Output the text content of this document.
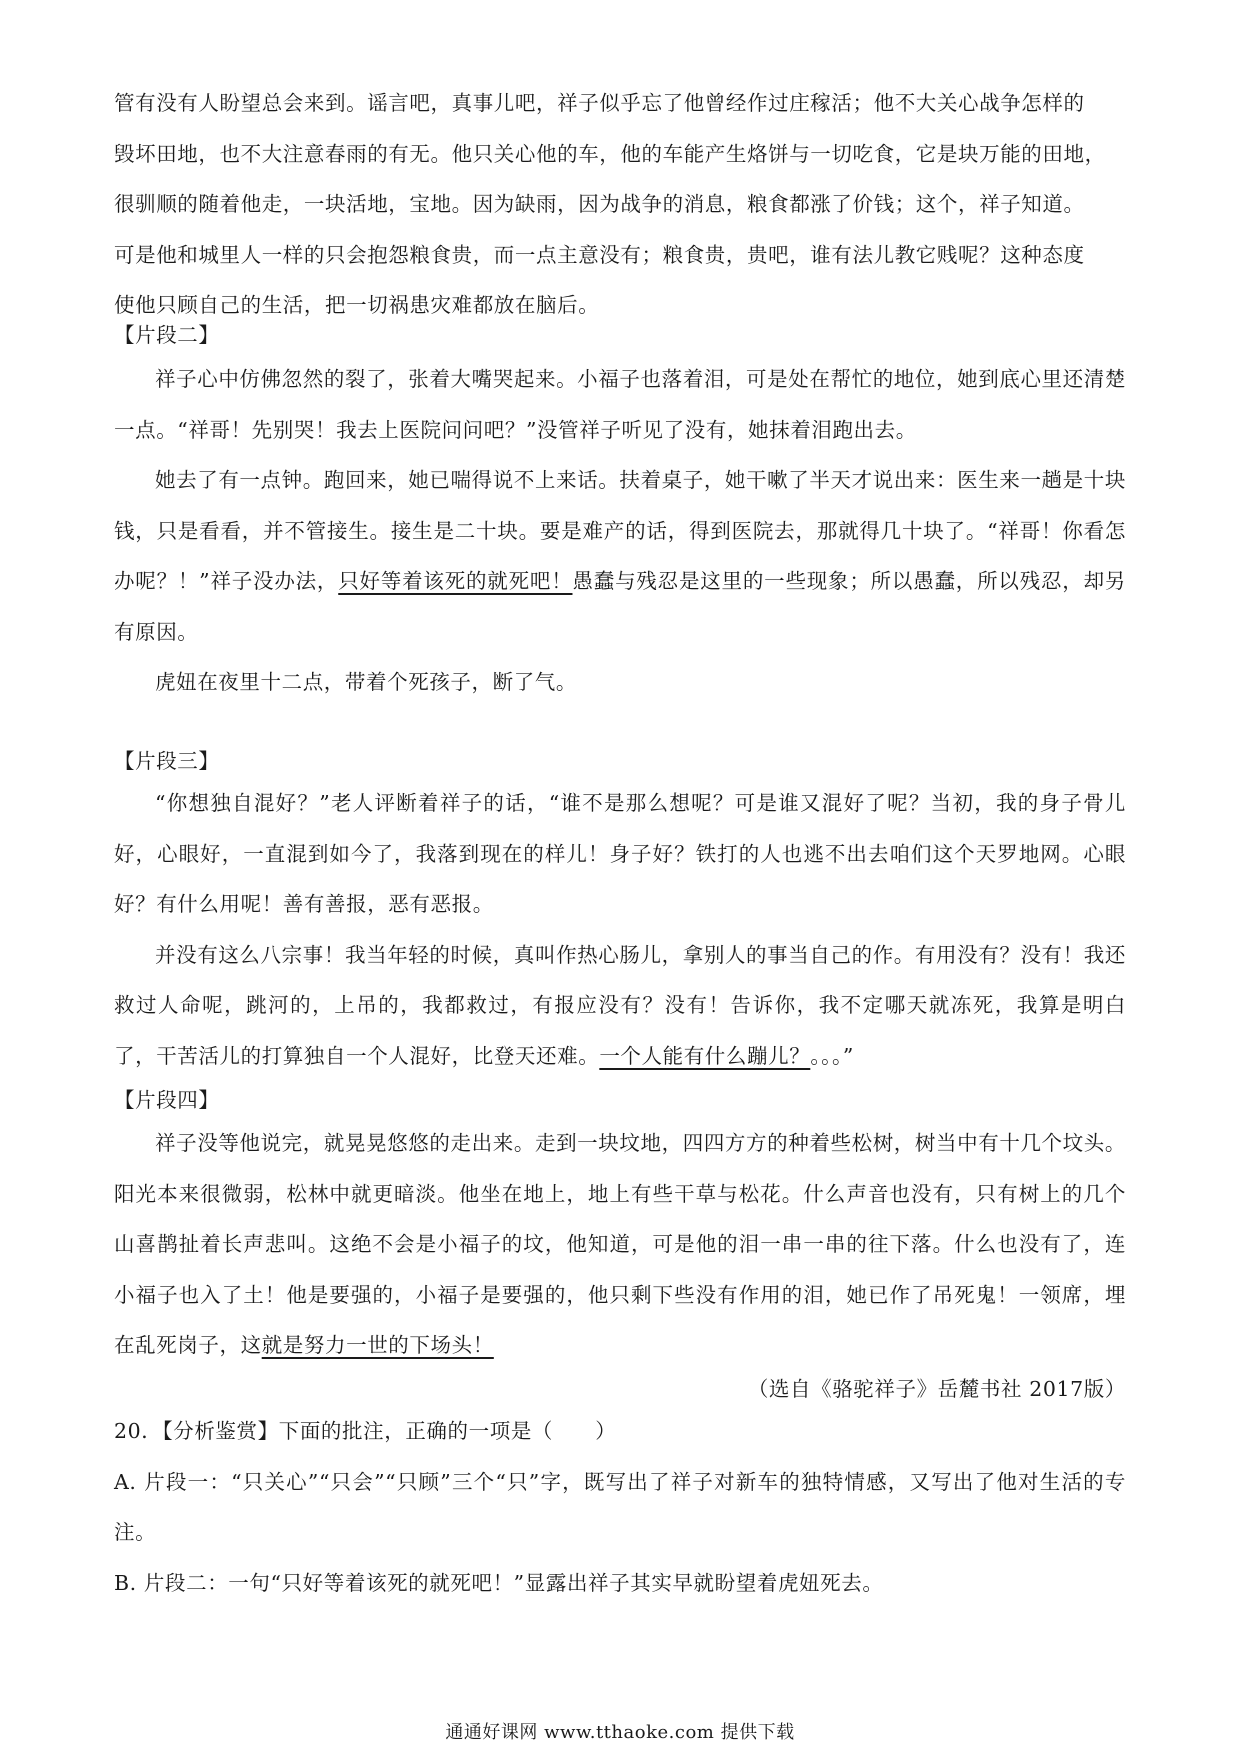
管有没有人盼望总会来到。谣言吧，真事儿吧，祥子似乎忘了他曾经作过庄稼活；他不大关心战争怎样的
毁坏田地，也不大注意春雨的有无。他只关心他的车，他的车能产生烙饼与一切吃食，它是块万能的田地，
很驯顺的随着他走，一块活地，宝地。因为缺雨，因为战争的消息，粮食都涨了价钱；这个，祥子知道。
可是他和城里人一样的只会抱怨粮食贵，而一点主意没有；粮食贵，贵吧，谁有法儿教它贱呢？这种态度
使他只顾自己的生活，把一切祸患灾难都放在脑后。
【片段二】

祥子心中仿佛忽然的裂了，张着大嘴哭起来。小福子也落着泪，可是处在帮忙的地位，她到底心里还清楚一点。“祥哥！先别哭！我去上医院问问吧？”没管祥子听见了没有，她抹着泪跑出去。

她去了有一点钟。跑回来，她已喘得说不上来话。扶着桌子，她干嗽了半天才说出来：医生来一趟是十块钱，只是看看，并不管接生。接生是二十块。要是难产的话，得到医院去，那就得几十块了。“祥哥！你看怎办呢？！”祥子没办法，只好等着该死的就死吧！愚蠢与残忍是这里的一些现象；所以愚蠢，所以残忍，却另有原因。

虎妞在夜里十二点，带着个死孩子，断了气。

【片段三】

“你想独自混好？”老人评断着祥子的话，“谁不是那么想呢？可是谁又混好了呢？当初，我的身子骨儿好，心眼好，一直混到如今了，我落到现在的样儿！身子好？铁打的人也逃不出去咱们这个天罗地网。心眼好？有什么用呢！善有善报，恶有恶报。

并没有这么八宗事！我当年轻的时候，真叫作热心肠儿，拿别人的事当自己的作。有用没有？没有！我还救过人命呢，跳河的，上吊的，我都救过，有报应没有？没有！告诉你，我不定哪天就冻死，我算是明白了，干苦活儿的打算独自一个人混好，比登天还难。一个人能有什么蹦儿？。。。”

【片段四】

祥子没等他说完，就晃晃悠悠的走出来。走到一块坟地，四四方方的种着些松树，树当中有十几个坟头。阳光本来很微弱，松林中就更暗淡。他坐在地上，地上有些干草与松花。什么声音也没有，只有树上的几个山喜鹊扯着长声悲叫。这绝不会是小福子的坟，他知道，可是他的泪一串一串的往下落。什么也没有了，连小福子也入了土！他是要强的，小福子是要强的，他只剩下些没有作用的泪，她已作了吊死鬼！一领席，埋在乱死岗子，这就是努力一世的下场头！

（选自《骆驼祥子》岳麓书社 2017版）

20．【分析鉴赏】下面的批注，正确的一项是（　　）

A. 片段一：“只关心”“只会”“只顾”三个“只”字，既写出了祥子对新车的独特情感，又写出了他对生活的专注。

B. 片段二：一句“只好等着该死的就死吧！”显露出祥子其实早就盼望着虎妞死去。

通通好课网 www.tthaoke.com 提供下载
